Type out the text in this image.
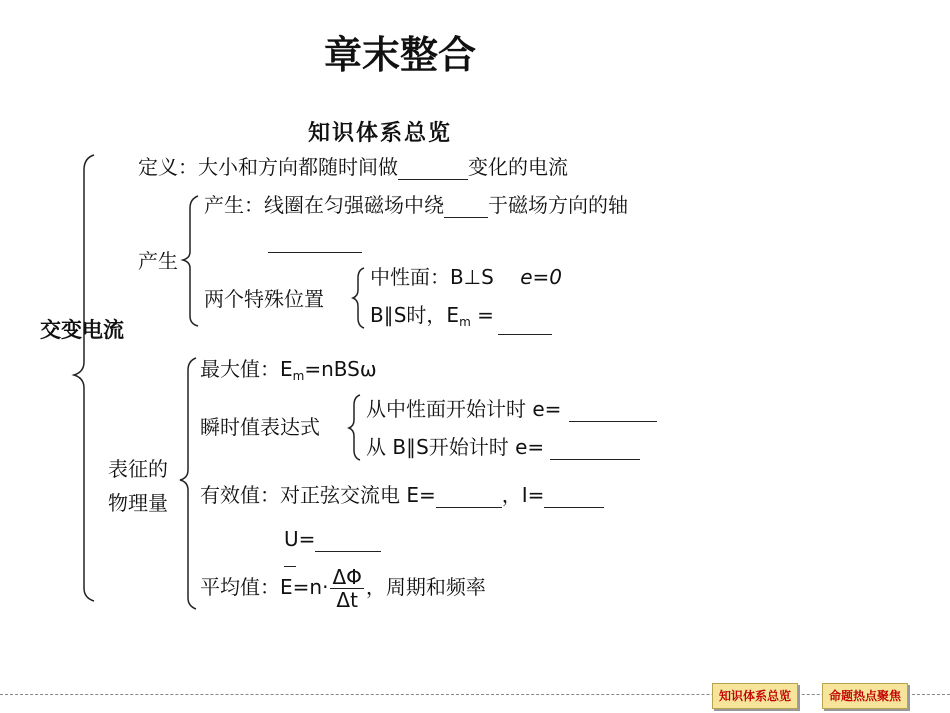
章末整合
知识体系总览
交变电流
定义：大小和方向都随时间做	变化的电流
产生
产生：线圈在匀强磁场中绕 于磁场方向的轴
两个特殊位置
中性面：B⊥S e=0
B∥S时，$E_m$ =
表征的
物理量
最大值：$E_m=nBS\omega$
瞬时值表达式
从中性面开始计时 e=
从 B∥S开始计时 e=
有效值：对正弦交流电 E=	，I=
U=
平均值：$E=n\cdot \frac{\Delta\Phi}{\Delta t}$ ，周期和频率
知识体系总览	命题热点聚焦
